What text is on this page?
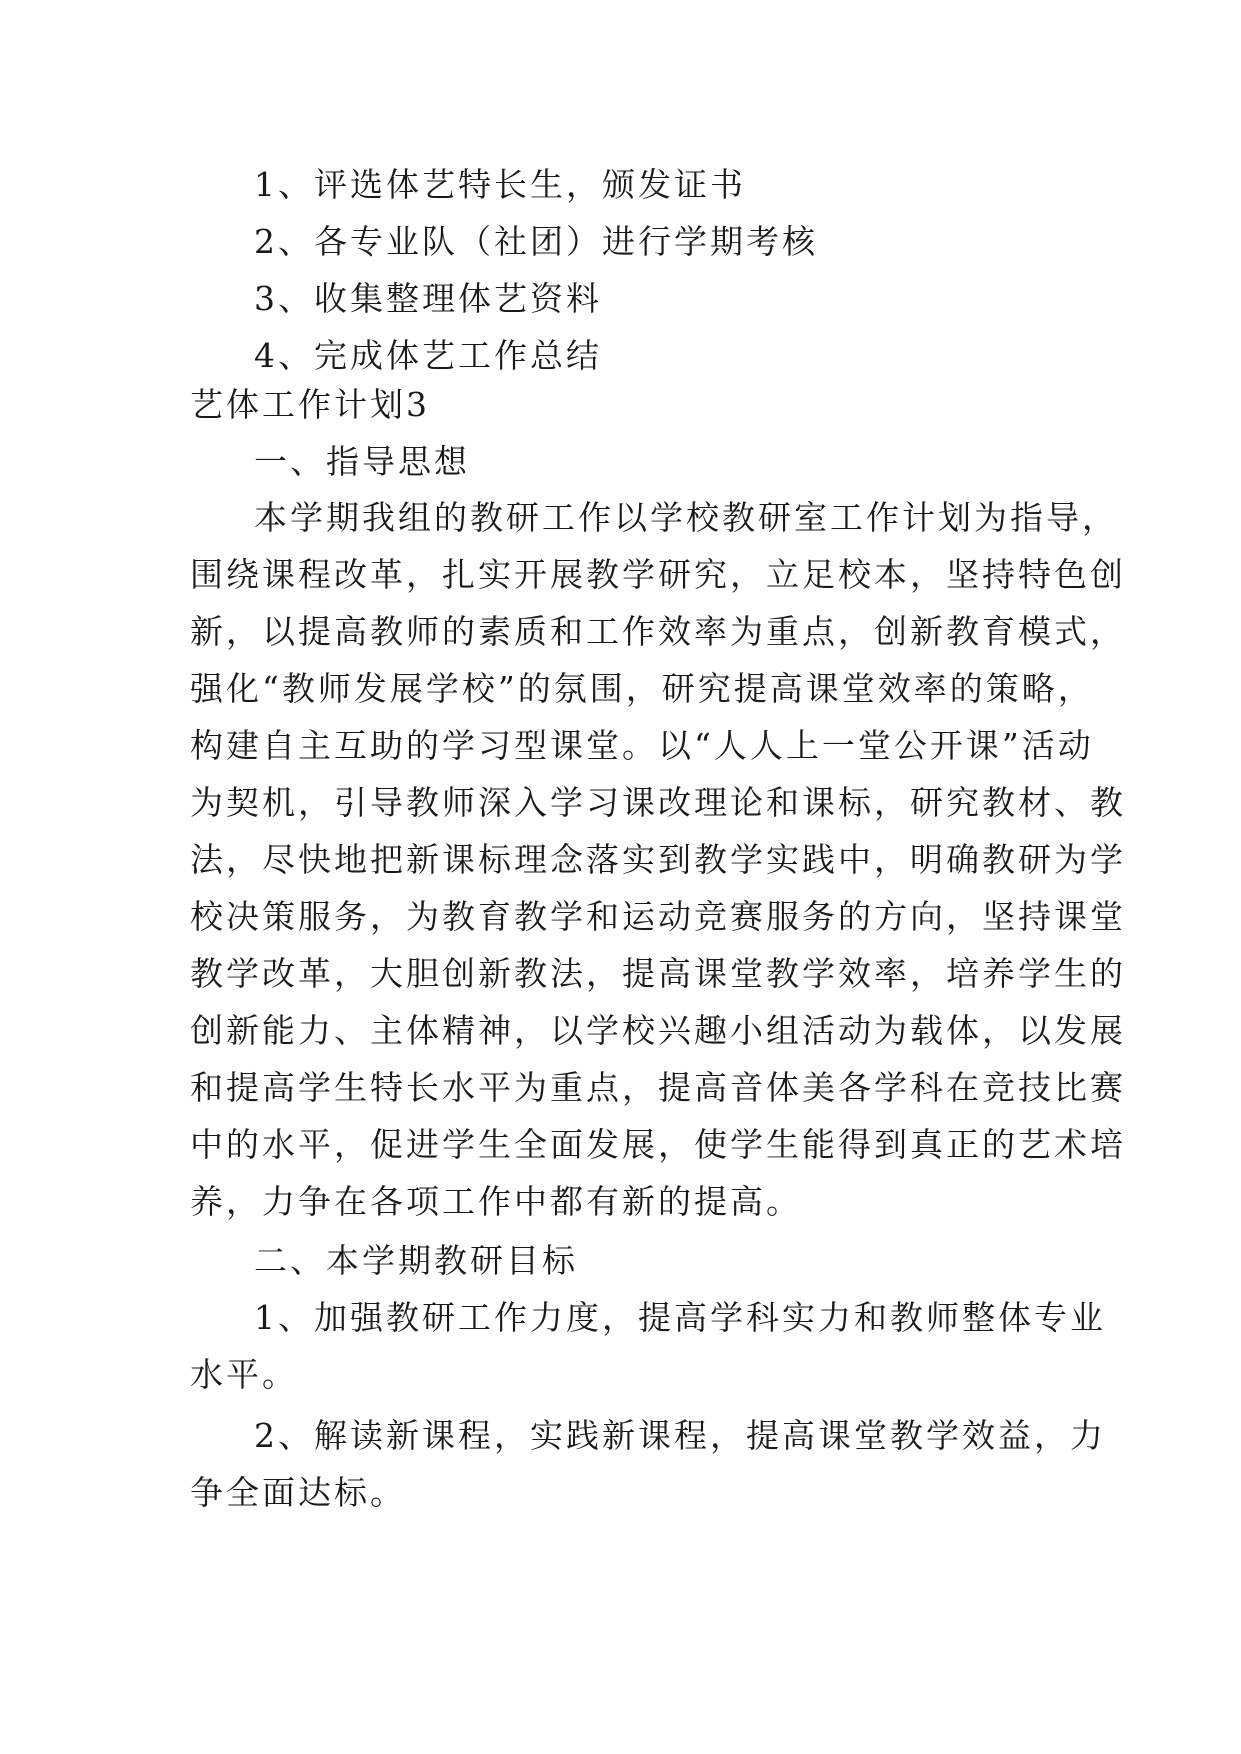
1、评选体艺特长生，颁发证书
2、各专业队（社团）进行学期考核
3、收集整理体艺资料
4、完成体艺工作总结
艺体工作计划3
一、指导思想
本学期我组的教研工作以学校教研室工作计划为指导，
围绕课程改革，扎实开展教学研究，立足校本，坚持特色创
新，以提高教师的素质和工作效率为重点，创新教育模式，
强化“教师发展学校”的氛围，研究提高课堂效率的策略，
构建自主互助的学习型课堂。以“人人上一堂公开课”活动
为契机，引导教师深入学习课改理论和课标，研究教材、教
法，尽快地把新课标理念落实到教学实践中，明确教研为学
校决策服务，为教育教学和运动竞赛服务的方向，坚持课堂
教学改革，大胆创新教法，提高课堂教学效率，培养学生的
创新能力、主体精神，以学校兴趣小组活动为载体，以发展
和提高学生特长水平为重点，提高音体美各学科在竞技比赛
中的水平，促进学生全面发展，使学生能得到真正的艺术培
养，力争在各项工作中都有新的提高。
二、本学期教研目标
1、加强教研工作力度，提高学科实力和教师整体专业
水平。
2、解读新课程，实践新课程，提高课堂教学效益，力
争全面达标。
